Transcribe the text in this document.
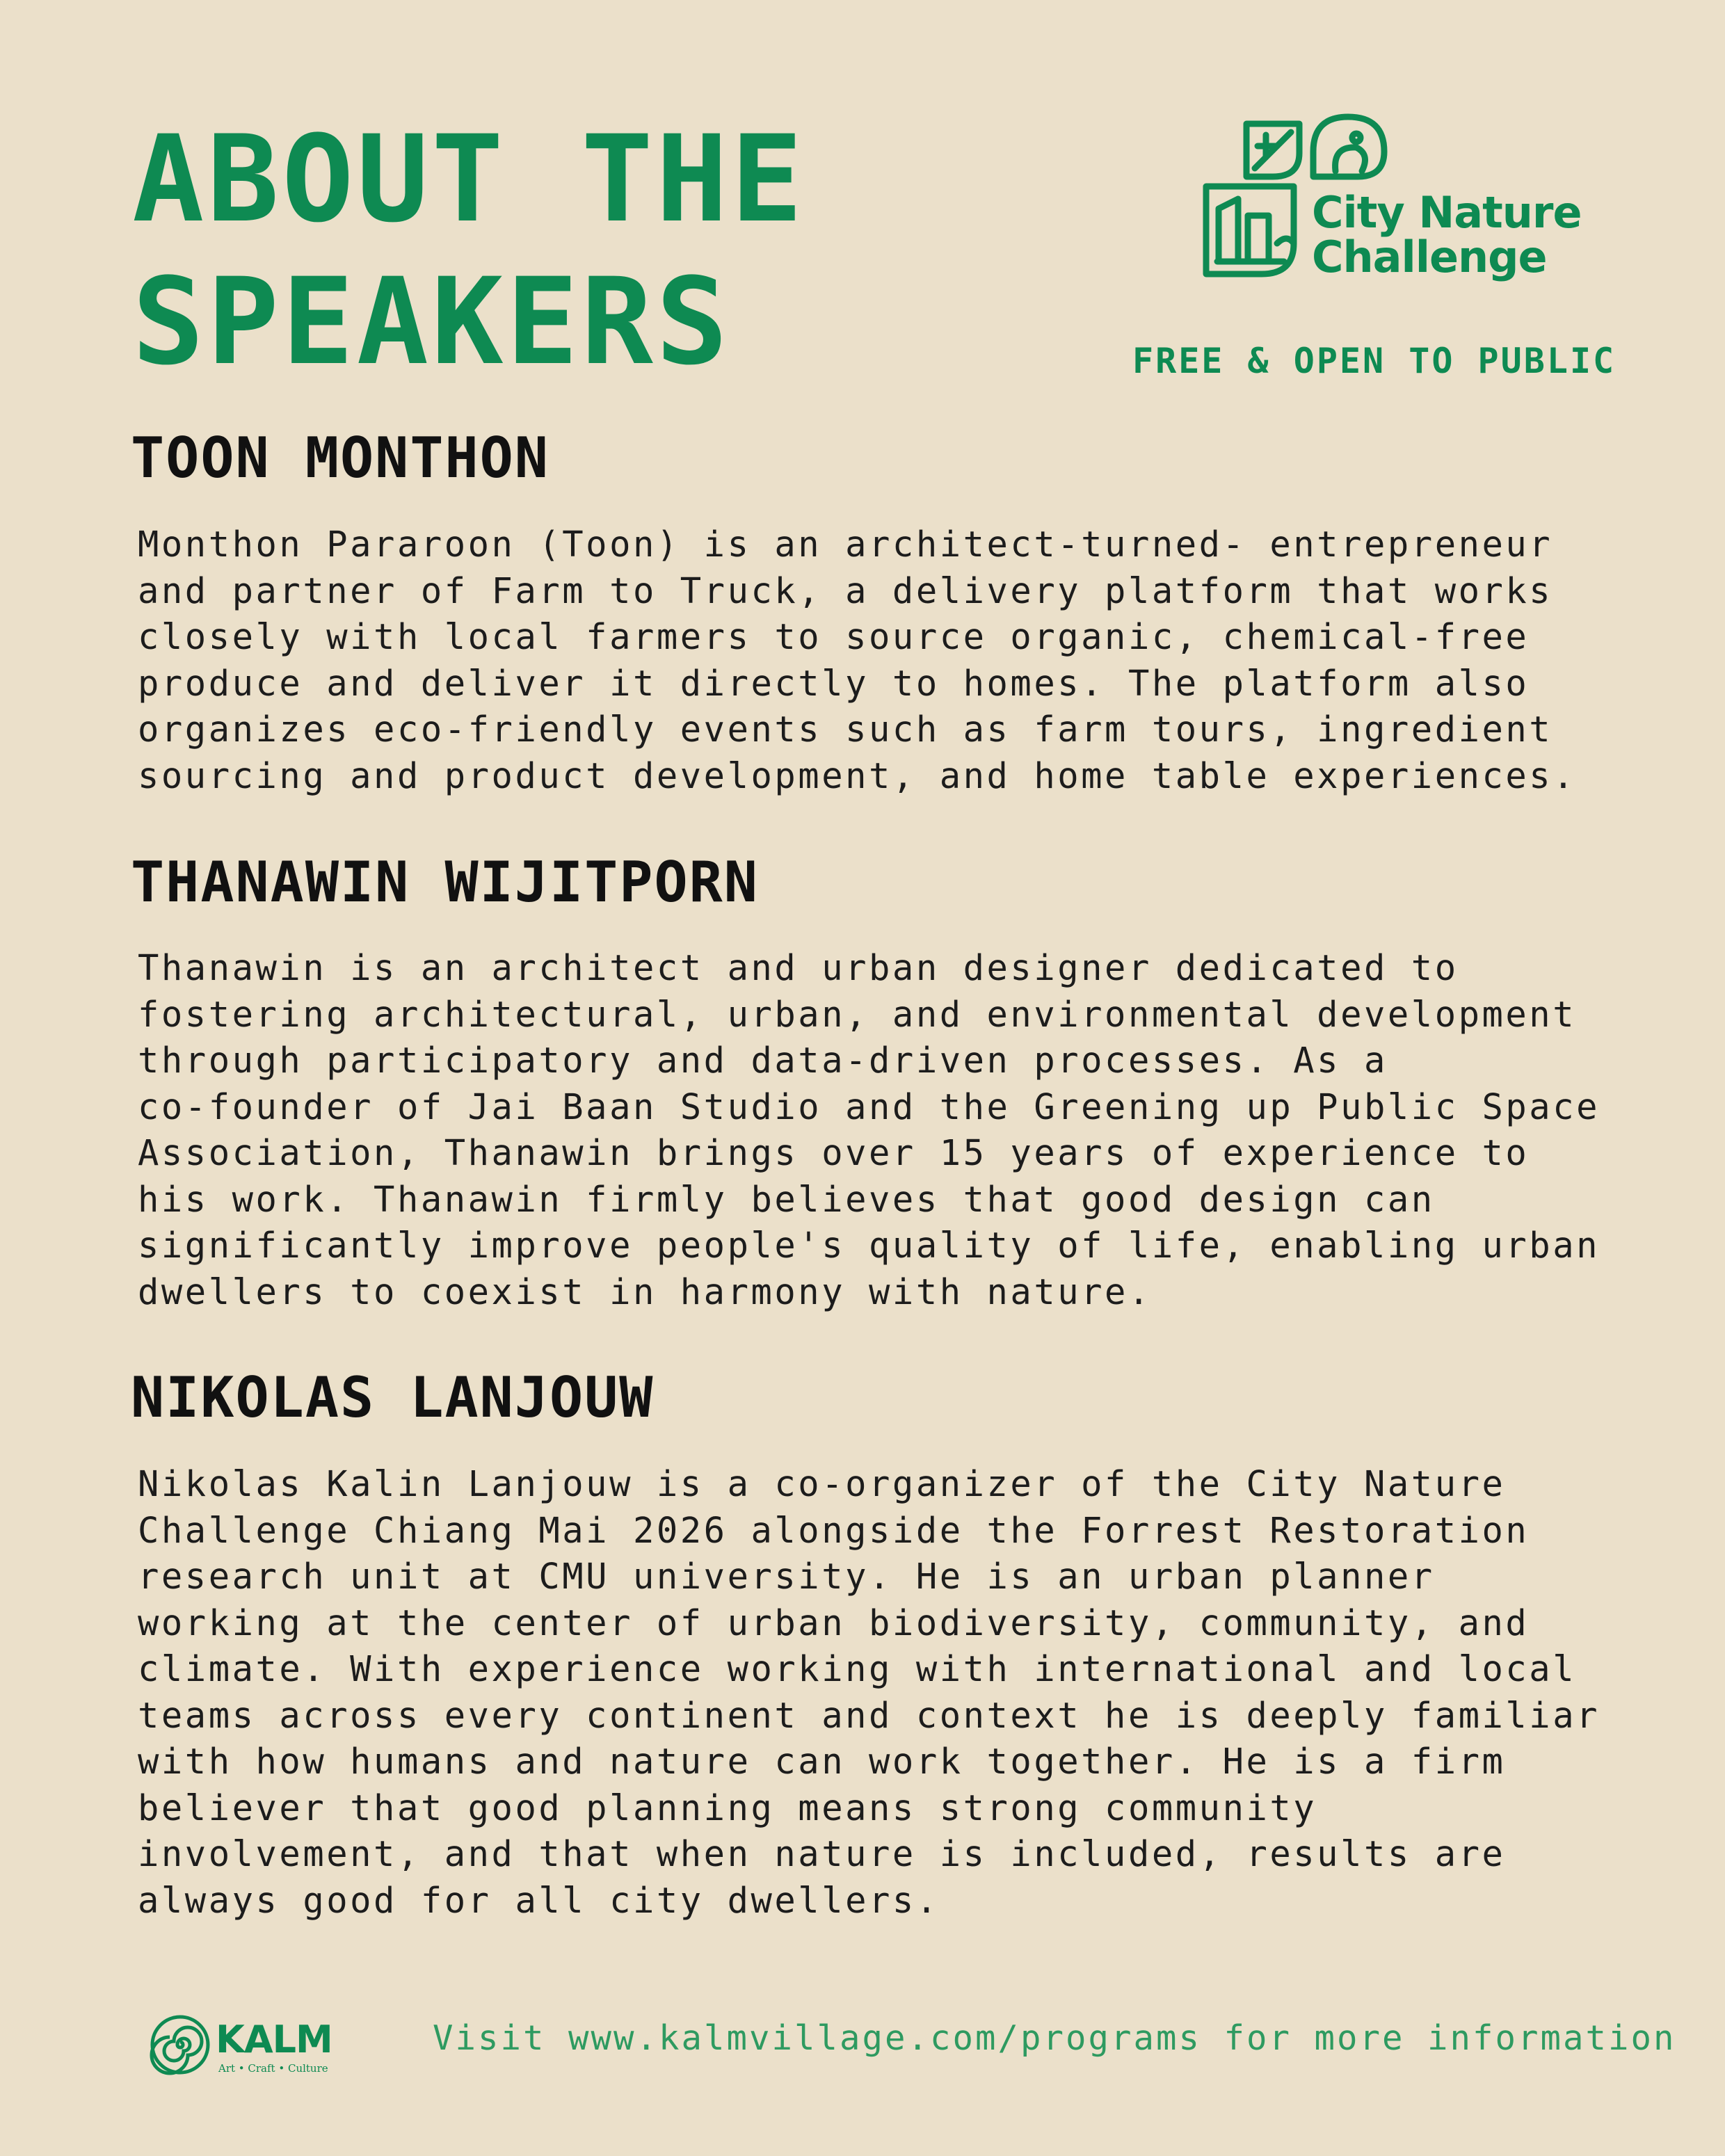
ABOUT THE
SPEAKERS
City Nature
Challenge
FREE & OPEN TO PUBLIC
TOON MONTHON

Monthon Pararoon (Toon) is an architect-turned- entrepreneur
and partner of Farm to Truck, a delivery platform that works
closely with local farmers to source organic, chemical-free
produce and deliver it directly to homes. The platform also
organizes eco-friendly events such as farm tours, ingredient
sourcing and product development, and home table experiences.

THANAWIN WIJITPORN

Thanawin is an architect and urban designer dedicated to
fostering architectural, urban, and environmental development
through participatory and data-driven processes. As a
co-founder of Jai Baan Studio and the Greening up Public Space
Association, Thanawin brings over 15 years of experience to
his work. Thanawin firmly believes that good design can
significantly improve people's quality of life, enabling urban
dwellers to coexist in harmony with nature.

NIKOLAS LANJOUW

Nikolas Kalin Lanjouw is a co-organizer of the City Nature
Challenge Chiang Mai 2026 alongside the Forrest Restoration
research unit at CMU university. He is an urban planner
working at the center of urban biodiversity, community, and
climate. With experience working with international and local
teams across every continent and context he is deeply familiar
with how humans and nature can work together. He is a firm
believer that good planning means strong community
involvement, and that when nature is included, results are
always good for all city dwellers.

KALM
Art • Craft • Culture
Visit www.kalmvillage.com/programs for more information
